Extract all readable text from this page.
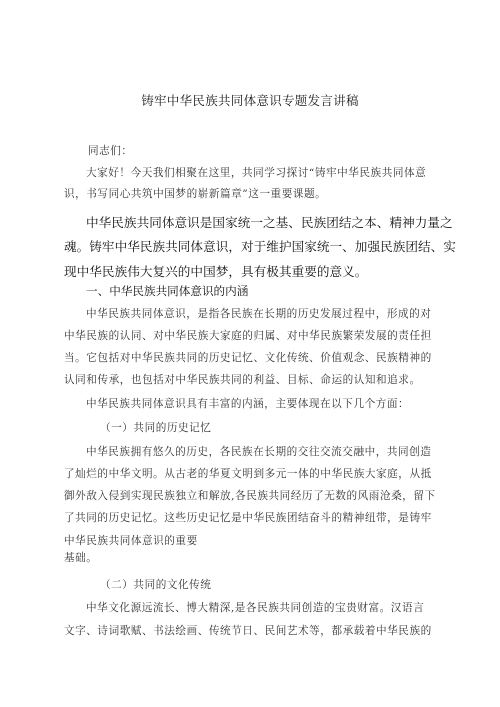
铸牢中华民族共同体意识专题发言讲稿
同志们：
大家好！今天我们相聚在这里，共同学习探讨“铸牢中华民族共同体意
识，书写同心共筑中国梦的崭新篇章”这一重要课题。
中华民族共同体意识是国家统一之基、民族团结之本、精神力量之
魂。铸牢中华民族共同体意识，对于维护国家统一、加强民族团结、实
现中华民族伟大复兴的中国梦，具有极其重要的意义。
一、中华民族共同体意识的内涵
中华民族共同体意识，是指各民族在长期的历史发展过程中，形成的对
中华民族的认同、对中华民族大家庭的归属、对中华民族繁荣发展的责任担
当。它包括对中华民族共同的历史记忆、文化传统、价值观念、民族精神的
认同和传承，也包括对中华民族共同的利益、目标、命运的认知和追求。
中华民族共同体意识具有丰富的内涵，主要体现在以下几个方面：
（一）共同的历史记忆
中华民族拥有悠久的历史，各民族在长期的交往交流交融中，共同创造
了灿烂的中华文明。从古老的华夏文明到多元一体的中华民族大家庭，从抵
御外敌入侵到实现民族独立和解放,各民族共同经历了无数的风雨沧桑，留下
了共同的历史记忆。这些历史记忆是中华民族团结奋斗的精神纽带，是铸牢
中华民族共同体意识的重要
基础。
（二）共同的文化传统
中华文化源远流长、博大精深,是各民族共同创造的宝贵财富。汉语言
文字、诗词歌赋、书法绘画、传统节日、民间艺术等，都承载着中华民族的
